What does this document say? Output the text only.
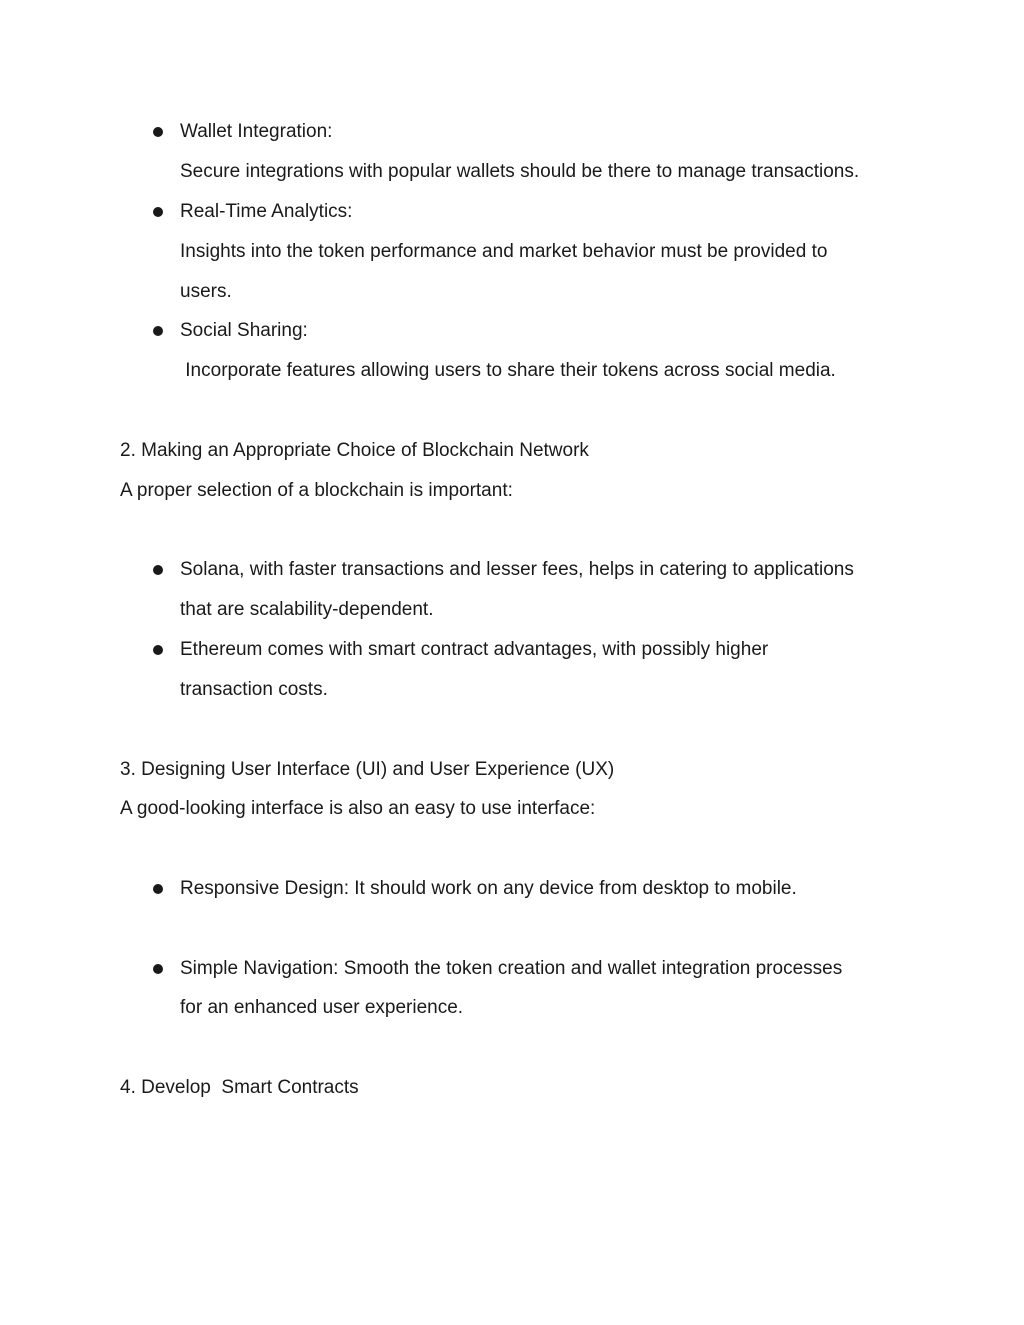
Wallet Integration:
Secure integrations with popular wallets should be there to manage transactions.
Real-Time Analytics:
Insights into the token performance and market behavior must be provided to
users.
Social Sharing:
Incorporate features allowing users to share their tokens across social media.
2. Making an Appropriate Choice of Blockchain Network
A proper selection of a blockchain is important:
Solana, with faster transactions and lesser fees, helps in catering to applications
that are scalability-dependent.
Ethereum comes with smart contract advantages, with possibly higher
transaction costs.
3. Designing User Interface (UI) and User Experience (UX)
A good-looking interface is also an easy to use interface:
Responsive Design: It should work on any device from desktop to mobile.
Simple Navigation: Smooth the token creation and wallet integration processes
for an enhanced user experience.
4. Develop  Smart Contracts
